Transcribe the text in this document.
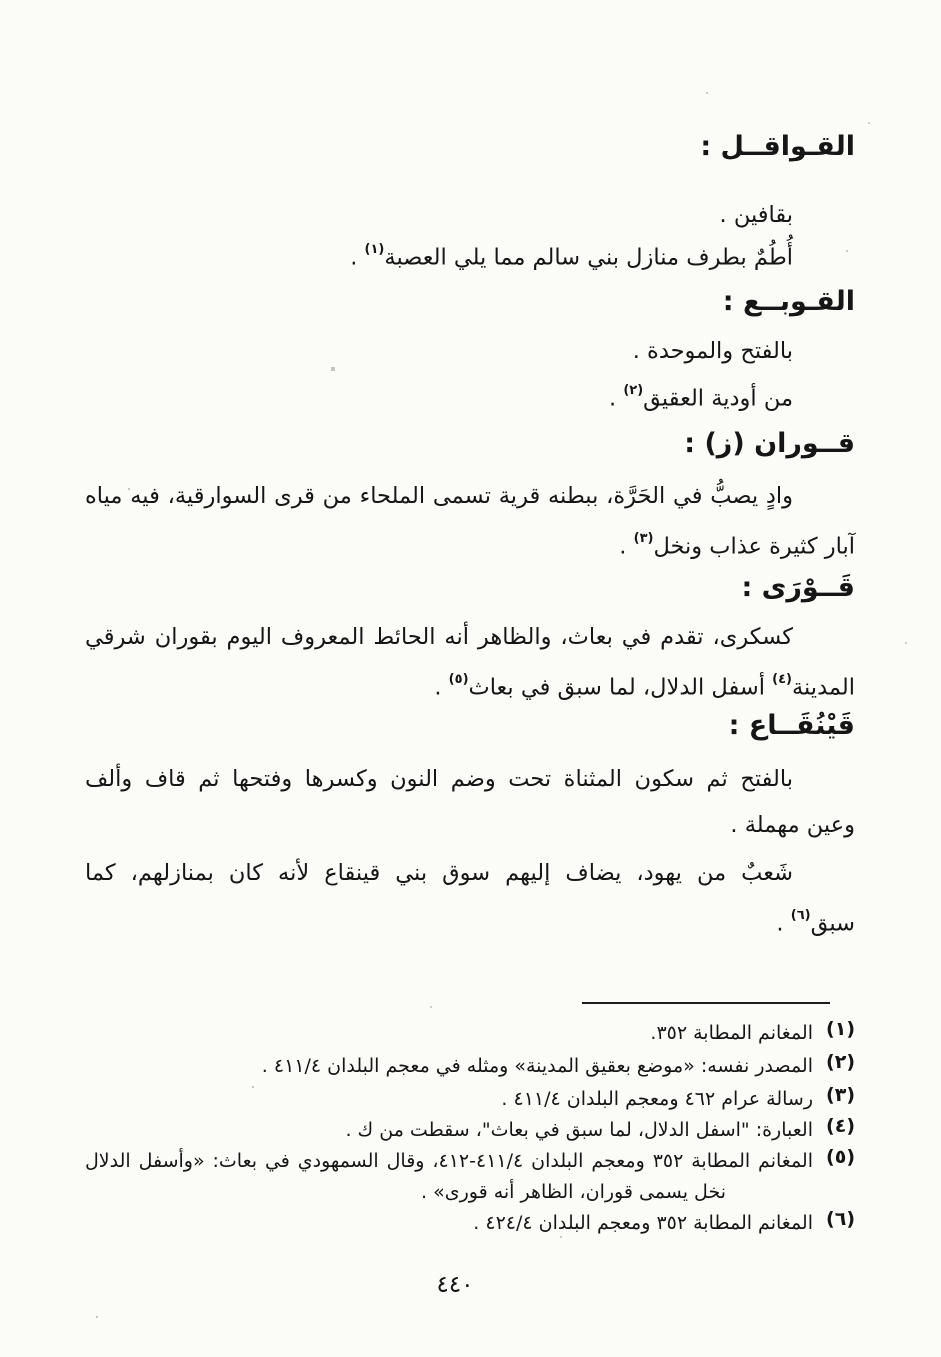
القـواقــل :
بقافين .
أُطُمٌ بطرف منازل بني سالم مما يلي العصبة$^{(١)}$ .
القـوبــع :
بالفتح والموحدة .
من أودية العقيق$^{(٢)}$ .
قــوران (ز) :
وادٍ يصبُّ في الحَرَّة، ببطنه قرية تسمى الملحاء من قرى السوارقية، فيه مياه
آبار كثيرة عذاب ونخل$^{(٣)}$ .
قَــوْرَى :
كسكرى، تقدم في بعاث، والظاهر أنه الحائط المعروف اليوم بقوران شرقي
المدينة$^{(٤)}$ أسفل الدلال، لما سبق في بعاث$^{(٥)}$ .
قَيْنُقَــاع :
بالفتح ثم سكون المثناة تحت وضم النون وكسرها وفتحها ثم قاف وألف
وعين مهملة .
شَعبٌ من يهود، يضاف إليهم سوق بني قينقاع لأنه كان بمنازلهم، كما
سبق$^{(٦)}$ .
(١)
المغانم المطابة ٣٥٢.
(٢)
المصدر نفسه: «موضع بعقيق المدينة» ومثله في معجم البلدان ٤١١/٤ .
(٣)
رسالة عرام ٤٦٢ ومعجم البلدان ٤١١/٤ .
(٤)
العبارة: "اسفل الدلال، لما سبق في بعاث"، سقطت من ك .
(٥)
المغانم المطابة ٣٥٢ ومعجم البلدان ٤١١/٤-٤١٢، وقال السمهودي في بعاث: «وأسفل الدلال
نخل يسمى قوران، الظاهر أنه قورى» .
(٦)
المغانم المطابة ٣٥٢ ومعجم البلدان ٤٢٤/٤ .
٤٤٠
